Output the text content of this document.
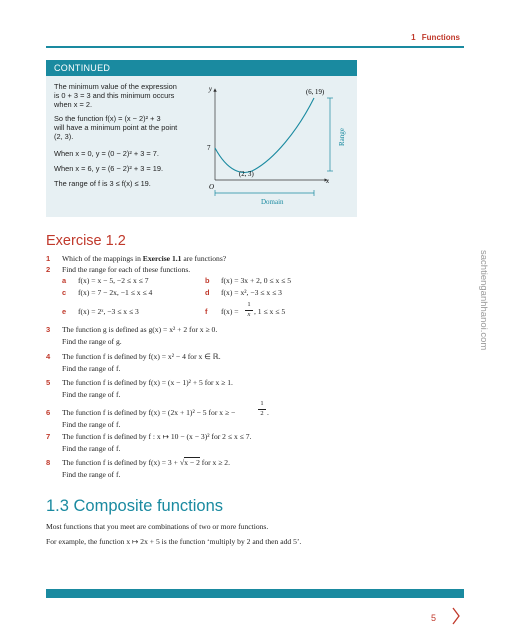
1 Functions
CONTINUED
The minimum value of the expression
is 0 + 3 = 3 and this minimum occurs
when x = 2.
So the function f(x) = (x − 2)² + 3
will have a minimum point at the point
(2, 3).
When x = 0, y = (0 − 2)² + 3 = 7.
When x = 6, y = (6 − 2)² + 3 = 19.
The range of f is 3 ≤ f(x) ≤ 19.
y
x
O
7
(6, 19)
(2, 3)
Domain
Range
sachtienganhhanoi.com
Exercise 1.2
1 Which of the mappings in Exercise 1.1 are functions?
2 Find the range for each of these functions.
a f(x) = x − 5, −2 ≤ x ≤ 7	b f(x) = 3x + 2, 0 ≤ x ≤ 5
c f(x) = 7 − 2x, −1 ≤ x ≤ 4	d f(x) = x², −3 ≤ x ≤ 3
e f(x) = 2ˣ, −3 ≤ x ≤ 3	f f(x) =
1
x , 1 ≤ x ≤ 5
3 The function g is defined as g(x) = x² + 2 for x ≥ 0.
Find the range of g.
4 The function f is defined by f(x) = x² − 4 for x ∈ ℝ.
Find the range of f.
5 The function f is defined by f(x) = (x − 1)² + 5 for x ≥ 1.
Find the range of f.
6 The function f is defined by f(x) = (2x + 1)² − 5 for x ≥ −
1
2 .
Find the range of f.
7 The function f is defined by f : x ↦ 10 − (x − 3)² for 2 ≤ x ≤ 7.
Find the range of f.
8 The function f is defined by f(x) = 3 + √x − 2 for x ≥ 2.
Find the range of f.
1.3 Composite functions
Most functions that you meet are combinations of two or more functions.
For example, the function x ↦ 2x + 5 is the function ‘multiply by 2 and then add 5’.
5
